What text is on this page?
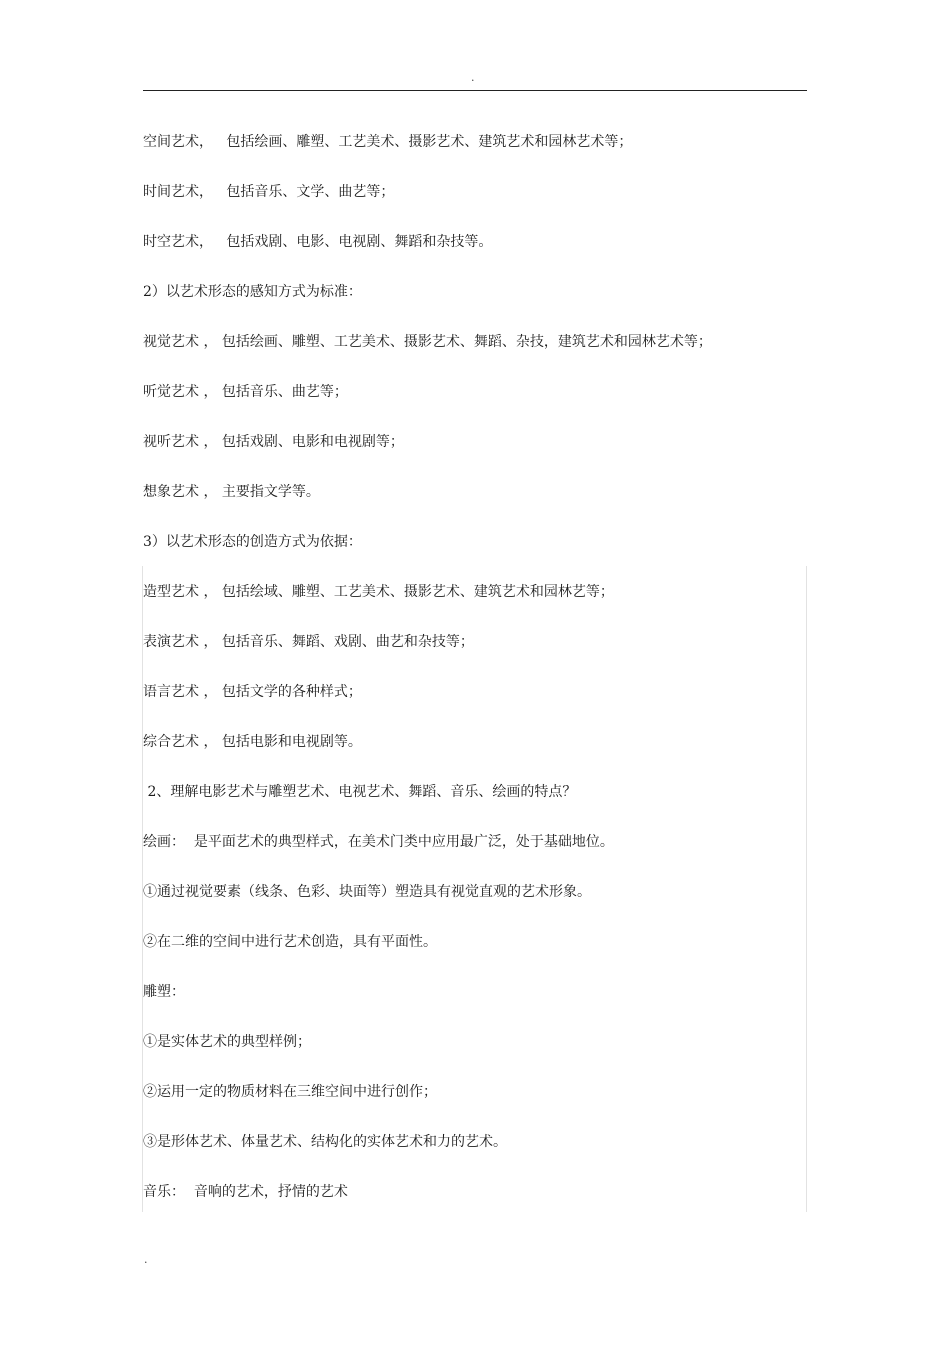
.
空间艺术，   包括绘画、雕塑、工艺美术、摄影艺术、建筑艺术和园林艺术等；
时间艺术，   包括音乐、文学、曲艺等；
时空艺术，   包括戏剧、电影、电视剧、舞蹈和杂技等。
2）以艺术形态的感知方式为标准：
视觉艺术 ， 包括绘画、雕塑、工艺美术、摄影艺术、舞蹈、杂技，建筑艺术和园林艺术等；
听觉艺术 ， 包括音乐、曲艺等；
视听艺术 ， 包括戏剧、电影和电视剧等；
想象艺术 ， 主要指文学等。
3）以艺术形态的创造方式为依据：
造型艺术 ， 包括绘域、雕塑、工艺美术、摄影艺术、建筑艺术和园林艺等；
表演艺术 ， 包括音乐、舞蹈、戏剧、曲艺和杂技等；
语言艺术 ， 包括文学的各种样式；
综合艺术 ， 包括电影和电视剧等。
2、理解电影艺术与雕塑艺术、电视艺术、舞蹈、音乐、绘画的特点？
绘画：  是平面艺术的典型样式，在美术门类中应用最广泛，处于基础地位。
①通过视觉要素（线条、色彩、块面等）塑造具有视觉直观的艺术形象。
②在二维的空间中进行艺术创造，具有平面性。
雕塑：
①是实体艺术的典型样例；
②运用一定的物质材料在三维空间中进行创作；
③是形体艺术、体量艺术、结构化的实体艺术和力的艺术。
音乐：  音响的艺术，抒情的艺术
.
